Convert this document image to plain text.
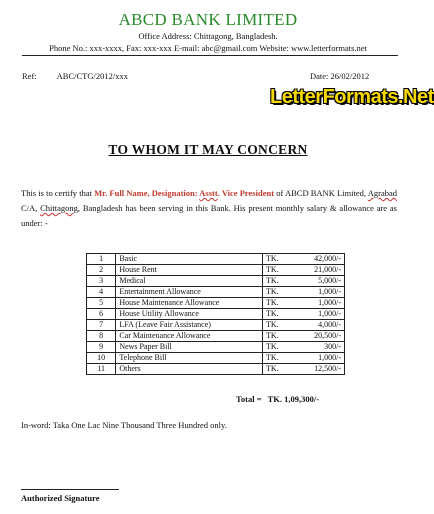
ABCD BANK LIMITED
Office Address: Chittagong, Bangladesh.
Phone No.: xxx-xxxx, Fax: xxx-xxx E-mail: abc@gmail.com Website: www.letterformats.net
Ref: ABC/CTG/2012/xxx	Date: 26/02/2012
LetterFormats.Net
TO WHOM IT MAY CONCERN
This is to certify that Mr. Full Name, Designation: Asstt. Vice President of ABCD BANK Limited, Agrabad C/A, Chittagong, Bangladesh has been serving in this Bank. His present monthly salary & allowance are as under: -
1	Basic	TK.	42,000/-
2	House Rent	TK.	21,000/-
3	Medical	TK.	5,000/-
4	Entertainment Allowance	TK.	1,000/-
5	House Maintenance Allowance	TK.	1,000/-
6	House Utility Allowance	TK.	1,000/-
7	LFA (Leave Fair Assistance)	TK.	4,000/-
8	Car Maintenance Allowance	TK.	20,500/-
9	News Paper Bill	TK.	300/-
10	Telephone Bill	TK.	1,000/-
11	Others	TK.	12,500/-
Total = TK. 1,09,300/-
In-word: Taka One Lac Nine Thousand Three Hundred only.
Authorized Signature
